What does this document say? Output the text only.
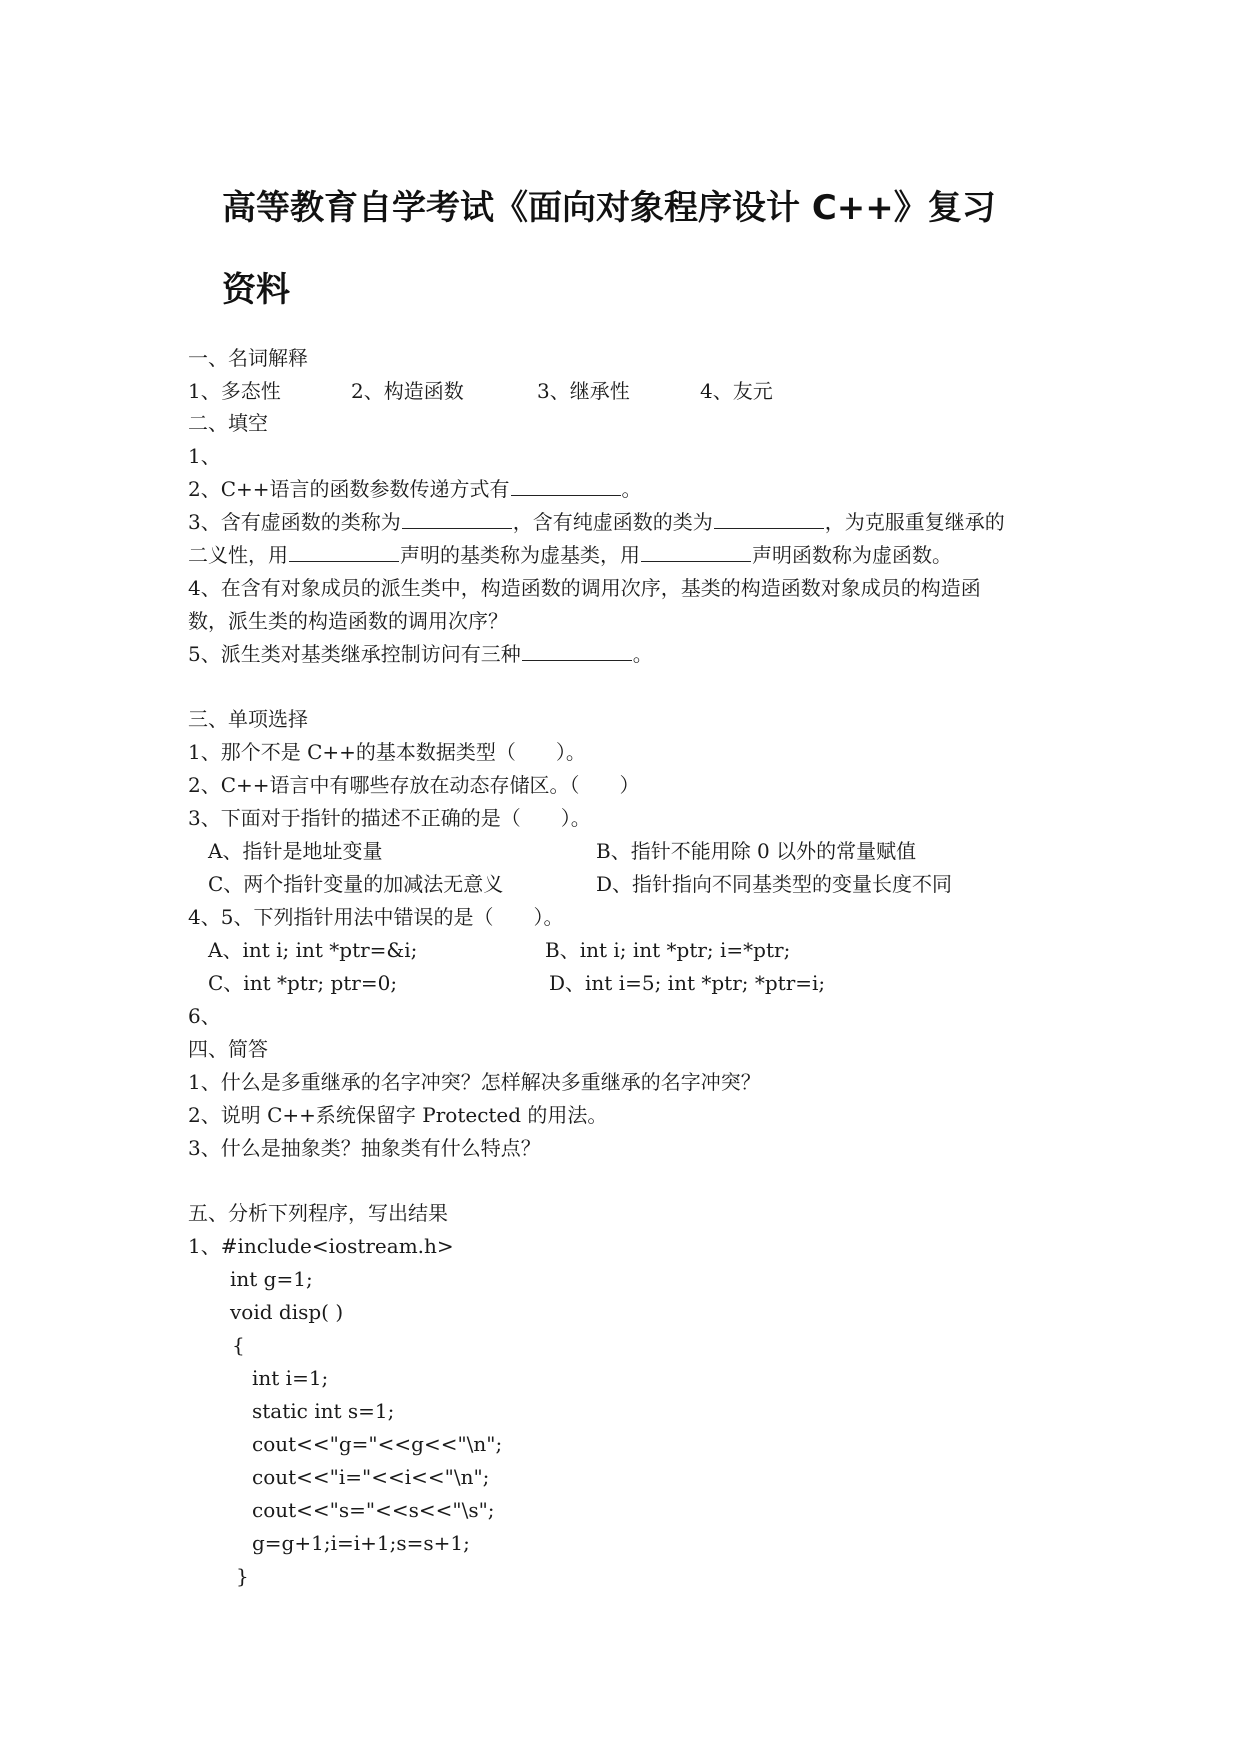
高等教育自学考试《面向对象程序设计 C++》复习
资料
一、名词解释
1、多态性	2、构造函数	3、继承性	4、友元
二、填空
1、
2、C++语言的函数参数传递方式有	。
3、含有虚函数的类称为	，含有纯虚函数的类为	，为克服重复继承的
二义性，用	声明的基类称为虚基类，用	声明函数称为虚函数。
4、在含有对象成员的派生类中，构造函数的调用次序，基类的构造函数对象成员的构造函
数，派生类的构造函数的调用次序？
5、派生类对基类继承控制访问有三种	。
三、单项选择
1、那个不是 C++的基本数据类型（　　）。
2、C++语言中有哪些存放在动态存储区。（　　）
3、下面对于指针的描述不正确的是（　　）。
A、指针是地址变量	B、指针不能用除 0 以外的常量赋值
C、两个指针变量的加减法无意义	D、指针指向不同基类型的变量长度不同
4、5、下列指针用法中错误的是（　　）。
A、int i; int *ptr=&i;	B、int i; int *ptr; i=*ptr;
C、int *ptr; ptr=0;	D、int i=5; int *ptr; *ptr=i;
6、
四、简答
1、什么是多重继承的名字冲突？怎样解决多重继承的名字冲突？
2、说明 C++系统保留字 Protected 的用法。
3、什么是抽象类？抽象类有什么特点？
五、分析下列程序，写出结果
1、#include<iostream.h>
int g=1;
void disp( )
{
int i=1;
static int s=1;
cout<<"g="<<g<<"\n";
cout<<"i="<<i<<"\n";
cout<<"s="<<s<<"\s";
g=g+1;i=i+1;s=s+1;
}
